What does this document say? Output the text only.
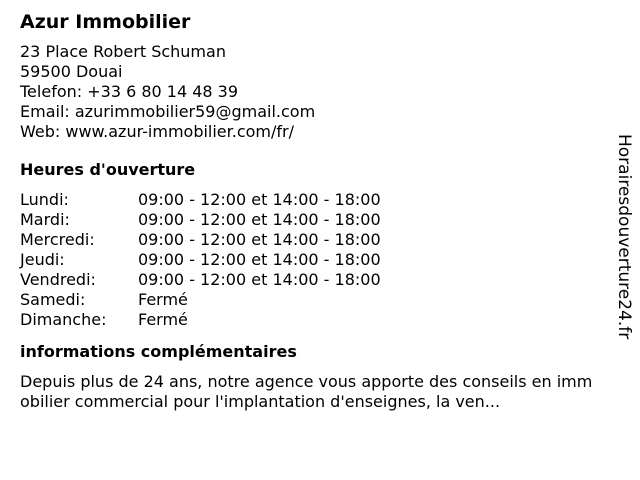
Azur Immobilier
23 Place Robert Schuman
59500 Douai
Telefon: +33 6 80 14 48 39
Email: azurimmobilier59@gmail.com
Web: www.azur-immobilier.com/fr/
Heures d'ouverture
Lundi:	09:00 - 12:00 et 14:00 - 18:00
Mardi:	09:00 - 12:00 et 14:00 - 18:00
Mercredi:	09:00 - 12:00 et 14:00 - 18:00
Jeudi:	09:00 - 12:00 et 14:00 - 18:00
Vendredi:	09:00 - 12:00 et 14:00 - 18:00
Samedi:	Fermé
Dimanche:	Fermé
informations complémentaires
Depuis plus de 24 ans, notre agence vous apporte des conseils en immobilier commercial pour l'implantation d'enseignes, la ven...
Horairesdouverture24.fr
